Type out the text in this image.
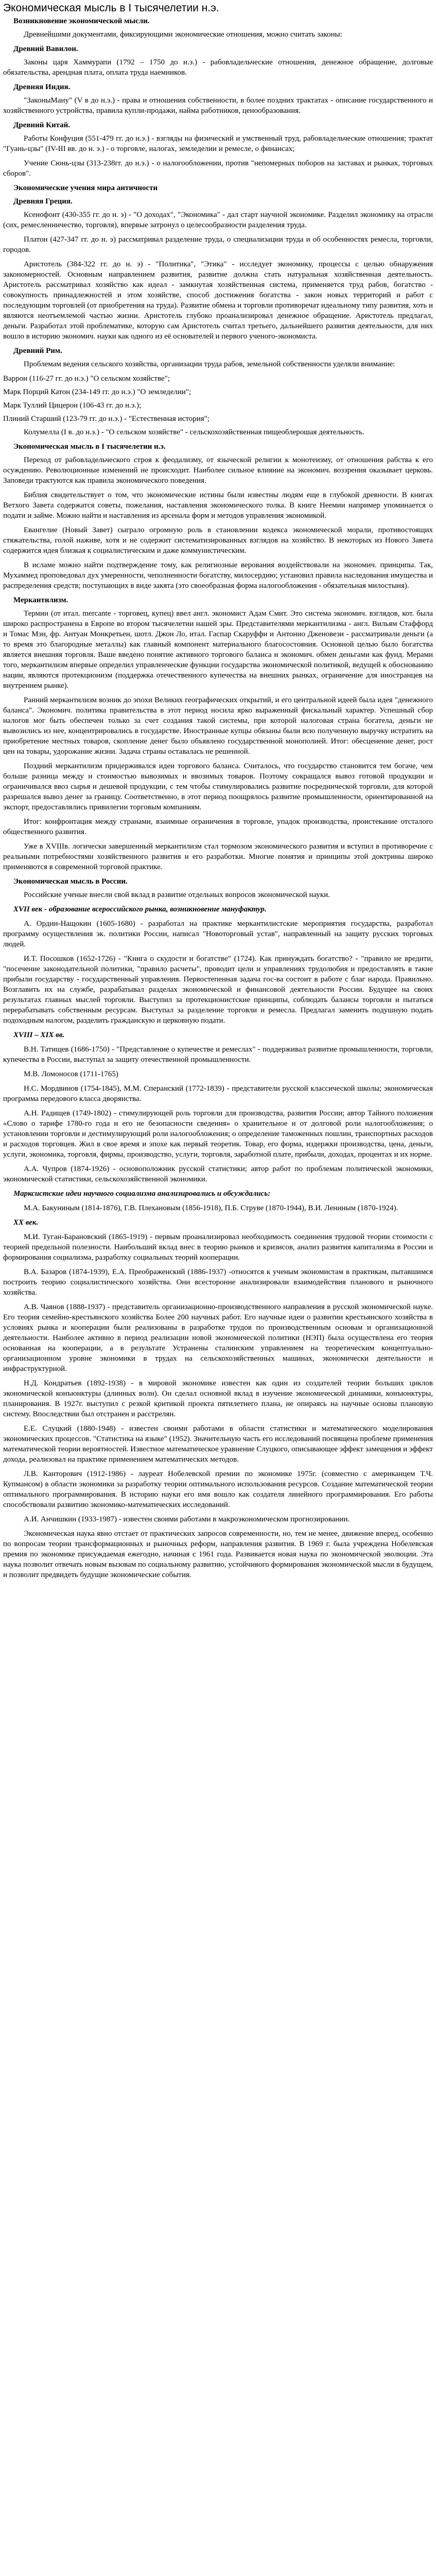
Экономическая мысль в I тысячелетии н.э.

Возникновение экономической мысли.

Древнейшими документами, фиксирующими экономические отношения, можно считать законы:

Древний Вавилон.

Законы царя Хаммурапи (1792 – 1750 до н.э.) - рабовладельческие отношения, денежное обращение, долговые обязательства, арендная плата, оплата труда наемников.

Древняя Индия.

"ЗаконыМану" (V в до н.э.) - права и отношения собственности, в более поздних трактатах - описание государственного и хозяйственного устройства, правила купли-продажи, найма работников, ценообразования.

Древний Китай.

Работы Конфуция (551-479 гг. до н.э.) - взгляды на физический и умственный труд, рабовладельческие отношения; трактат "Гуань-цзы" (IV-III вв. до н. э.) - о торговле, налогах, земледелии и ремесле, о финансах;

Учение Сюнь-цзы (313-238гг. до н.э.) - о налогообложении, против "непомерных поборов на заставах и рынках, торговых сборов".

Экономические учения мира античности

Древняя Греция.

Ксенофонт (430-355 гг. до н. э) - "О доходах", "Экономика" - дал старт научной экономике. Разделил экономику на отрасли (сих, ремесленничество, торговля), впервые затронул о целесообразности разделения труда.

Платон (427-347 гг. до н. э) рассматривал разделение труда, о специализации труда и об особенностях ремесла, торговли, городов.

Аристотель (384-322 гг. до н. э) - "Политика", "Этика" - исследует экономику, процессы с целью обнаружения закономерностей. Основным направлением развития, развитие должна стать натуральная хозяйственная деятельность. Аристотель рассматривал хозяйство как идеал - замкнутая хозяйственная система, применяется труд рабов, богатство - совокупность принадлежностей и этом хозяйстве, способ достижения богатства - закон новых территорий и работ с последующим торговлей (от приобретения на труда). Развитие обмена и торговли противоречат идеальному типу развития, хоть и являются неотъемлемой частью жизни. Аристотель глубоко проанализировал денежное обращение. Аристотель предлагал, деньги. Разработал этой проблематике, которую сам Аристотель считал третьего, дальнейшего развития деятельности, для них вошло в историю экономич. науки как одного из её основателей и первого ученого-экономиста.

Древний Рим.

Проблемам ведения сельского хозяйства, организации труда рабов, земельной собственности уделяли внимание:

Варрон (116-27 гг. до н.э.) "О сельском хозяйстве";

Марк Порций Катон (234-149 гг. до н.э.) "О земледелии";

Марк Туллий Цицерон (106-43 гг. до н.э.);

Плиний Старший (123-79 гг. до н.э.) - "Естественная история";

Колумелла (I в. до н.э.) - "О сельском хозяйстве" - сельскохозяйственная пищеоблерошая деятельность.

Экономическая мысль в I тысячелетии н.э.

Переход от рабовладельческого строя к феодализму, от языческой религии к монотеизму, от отношения рабства к его осуждению. Революционные изменений не происходит. Наиболее сильное влияние на экономич. воззрения оказывает церковь. Заповеди трактуются как правила экономического поведения.

Библия свидетельствует о том, что экономические истины были известны людям еще в глубокой древности. В книгах Ветхого Завета содержатся советы, пожелания, наставления экономического толка. В книге Неемии например упоминается о подати и займе. Можно найти и наставления из арсенала форм и методов управления экономикой.

Евангелие (Новый Завет) сыграло огромную роль в становлении кодекса экономической морали, противостоящих стяжательства, голой наживе, хотя и не содержит систематизированных взглядов на хозяйство. В некоторых из Нового Завета содержится идея близкая к социалистическим и даже коммунистическим.

В исламе можно найти подтверждение тому, как религиозные верования воздействовали на экономич. принципы. Так, Мухаммед проповедовал дух умеренности, чеполненности богатству, милосердию; установил правила наследования имущества и распределения средств; поступающих в виде закята (это своеобразная форма налогообложения - обязательная милостыня).

Меркантилизм.

Термин (от итал. mercante - торговец, купец) ввел англ. экономист Адам Смит. Это система экономич. взглядов, кот. была широко распространена в Европе во втором тысячелетии нашей эры. Представителями меркантилизма - англ. Вильям Стаффорд и Томас Мэн, фр. Антуан Монкретьен, шотл. Джон Ло, итал. Гаспар Скаруффи и Антонио Дженовези - рассматривали деньги (а то время это благородные металлы) как главный компонент материального благосостояния. Основной целью было богатства является внешняя торговля. Ваше введено понятие активного торгового баланса и экономич. обмен деньгами как фунд. Мерами того, меркантилизм впервые определил управленческие функции государства экономической политикой, ведущей к обоснованию нации, являются протекционизм (поддержка отечественного купечества на внешних рынках, ограничение для иностранцев на внутреннем рынке).

Ранний меркантилизм возник до эпохи Великих географических открытий, и его центральной идеей была идея "денежного баланса". Экономич. политика правительства в этот период носила ярко выраженный фискальный характер. Успешный сбор налогов мог быть обеспечен только за счет создания такой системы, при которой налоговая страна богатела, деньги не вывозились из нее, концентрировались в государстве. Иностранные купцы обязаны были всю полученную выручку истратить на приобретение местных товаров, скопление денег было объявлено государственной монополией. Итог: обесценение денег, рост цен на товары, удорожание жизни. Задача страны оставалась не решенной.

Поздний меркантилизм придерживался идеи торгового баланса. Считалось, что государство становится тем богаче, чем больше разница между и стоимостью вывозимых и ввозимых товаров. Поэтому сокращался вывоз готовой продукции и ограничивался ввоз сырья и дешевой продукции, с тем чтобы стимулировались развитие посреднической торговли, для которой разрешался вывоз денег за границу. Соответственно, в этот период поощрялось развитие промышленности, ориентированной на экспорт, предоставлялись привилегии торговым компаниям.

Итог: конфронтация между странами, взаимные ограничения в торговле, упадок производства, проистекание отсталого общественного развития.

Уже в XVIIIв. логически завершенный меркантилизм стал тормозом экономического развития и вступил в противоречие с реальными потребностями хозяйственного развития и его разработки. Многие понятия и принципы этой доктрины широко применяются в современной торговой практике.

Экономическая мысль в России.

Российские ученые внесли свой вклад в развитие отдельных вопросов экономической науки.

XVII век - образование всероссийского рынка, возникновение мануфактур.

А. Ордин-Нащокин (1605-1680) - разработал на практике меркантилистские мероприятия государства, разработал программу осуществления эк. политики России, написал "Новоторговый устав", направленный на защиту русских торговых людей.

И.Т. Посошков (1652-1726) - "Книга о скудости и богатстве" (1724). Как принуждать богатство? - "правило не вредити, "посечение законодательной политики, "правило расчеты", проводит цели и управлениях трудолюбия и предоставлять в такие прибыли государству - государственный управления. Первостепенная задача гос-ва состоит в работе с благ народа. Правильно. Возглавить их на службе, разрабатывал разделах экономической и финансовой деятельности России. Будущее на своих результатах главных мыслей торговли. Выступил за протекционистские принципы, соблюдать балансы торговли и пытаться перерабатывать собственным ресурсам. Выступал за разделение торговли и ремесла. Предлагал заменить подушную подать подоходным налогом, разделить гражданскую и церковную подати.

XVIII – XIX вв.

В.Н. Татищев (1686-1750) - "Представление о купечестве и ремеслах" - поддерживал развитие промышленности, торговли, купечества в России, выступал за защиту отечественной промышленности.

М.В. Ломоносов (1711-1765)

Н.С. Мордвинов (1754-1845), М.М. Сперанский (1772-1839) - представители русской классической школы; экономическая программа передового класса дворянства.

А.Н. Радищев (1749-1802) - стимулирующей роль торговли для производства, развития России; автор Тайного положения «Слово о тарифе 1780-го года и его не безопасности сведения» о хранительное и от долговой роли налогообложения; о установлении торговли и дестимулирующий роли налогообложения; о определение таможенных пошлин, транспортных расходов и расходов торговцев. Жил в свое время и эпохе как первый теоретик. Товар, его форма, издержки производства, цена, деньги, услуги, экономика, торговля, фирмы, производство, услуги, торговля, заработной плате, прибыли, доходах, процентах и их норме.

А.А. Чупров (1874-1926) - основоположник русской статистики; автор работ по проблемам политической экономики, экономической статистики, сельскохозяйственной экономики.

Марксистские идеи научного социализма анализировались и обсуждались:

М.А. Бакуниным (1814-1876), Г.В. Плехановым (1856-1918), П.Б. Струве (1870-1944), В.И. Лениным (1870-1924).

XX век.

М.И. Туган-Барановский (1865-1919) - первым проанализировал необходимость соединения трудовой теории стоимости с теорией предельной полезности. Наибольший вклад внес в теорию рынков и кризисов, анализ развития капитализма в России и формирования социализма, разработку социальных теорий кооперации.

В.А. Базаров (1874-1939), Е.А. Преображенский (1886-1937) -относятся к ученым экономистам в практикам, пытавшимся построить теорию социалистического хозяйства. Они всесторонне анализировали взаимодействия планового и рыночного хозяйства.

А.В. Чаянов (1888-1937) - представитель организационно-производственного направления в русской экономической науке. Его теория семейно-крестьянского хозяйства Более 200 научных работ. Его научные идеи о развитии крестьянского хозяйства в условиях рынка и кооперации были реализованы в разработке трудов по производственным основам и организационной деятельности. Наиболее активно в период реализации новой экономической политики (НЭП) была осуществлена его теория основанная на кооперации, а в результате Устранены сталинским управлением на теоретическим концептуально-организационном уровне экономики в трудах на сельскохозяйственных машинах, экономически деятельности и инфраструктурной.

Н.Д. Кондратьев (1892-1938) - в мировой экономике известен как один из создателей теории больших циклов экономической конъюнктуры (длинных волн). Он сделал основной вклад в изучение экономической динамики, конъюнктуры, планирования. В 1927г. выступил с резкой критикой проекта пятилетнего плана, не опираясь на научные основы плановую систему. Впоследствии был отстранен и расстрелян.

Е.Е. Слуцкий (1880-1948) - известен своими работами в области статистики и математического моделирования экономических процессов. "Статистика на языке" (1952). Значительную часть его исследований посвящена проблеме применения математической теории вероятностей. Известное математическое уравнение Слуцкого, описывающее эффект замещения и эффект дохода, реализовал на практике применением математических методов.

Л.В. Канторович (1912-1986) - лауреат Нобелевской премии по экономике 1975г. (совместно с американцем Т.Ч. Купмансом) в области экономики за разработку теории оптимального использования ресурсов. Создание математической теории оптимального программирования. В историю науки его имя вошло как создателя линейного программирования. Его работы способствовали развитию экономико-математических исследований.

А.И. Анчишкин (1933-1987) - известен своими работами в макроэкономическом прогнозировании.

Экономическая наука явно отстает от практических запросов современности, но, тем не менее, движение вперед, особенно по вопросам теории трансформационных и рыночных реформ, направления развития. В 1969 г. была учреждена Нобелевская премия по экономике присуждаемая ежегодно, начиная с 1961 года. Развивается новая наука по экономической эволюции. Эта наука позволит отвечать новым вызовам по социальному развитию, устойчивого формирования экономической мысли в будущем, и позволит предвидеть будущие экономические события.
